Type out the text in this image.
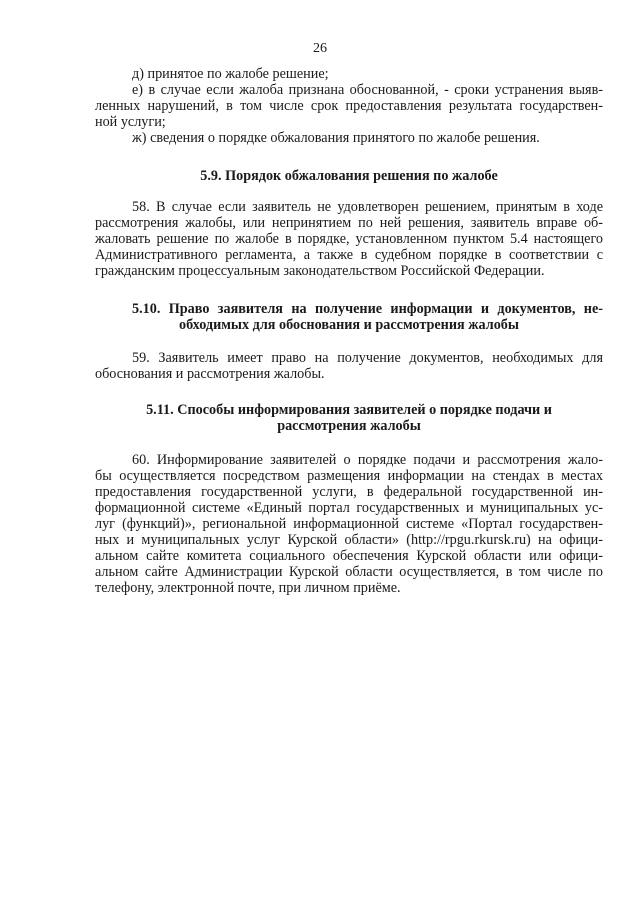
26
д) принятое по жалобе решение;
е) в случае если жалоба признана обоснованной, - сроки устранения выяв-
ленных нарушений, в том числе срок предоставления результата государствен-
ной услуги;
ж) сведения о порядке обжалования принятого по жалобе решения.
5.9. Порядок обжалования решения по жалобе
58. В случае если заявитель не удовлетворен решением, принятым в ходе
рассмотрения жалобы, или непринятием по ней решения, заявитель вправе об-
жаловать решение по жалобе в порядке, установленном пунктом 5.4 настоящего
Административного регламента, а также в судебном порядке в соответствии с
гражданским процессуальным законодательством Российской Федерации.
5.10. Право заявителя на получение информации и документов, не-
обходимых для обоснования и рассмотрения жалобы
59. Заявитель имеет право на получение документов, необходимых для
обоснования и рассмотрения жалобы.
5.11. Способы информирования заявителей о порядке подачи и
рассмотрения жалобы
60. Информирование заявителей о порядке подачи и рассмотрения жало-
бы осуществляется посредством размещения информации на стендах в местах
предоставления государственной услуги, в федеральной государственной ин-
формационной системе «Единый портал государственных и муниципальных ус-
луг (функций)», региональной информационной системе «Портал государствен-
ных и муниципальных услуг Курской области» (http://rpgu.rkursk.ru) на офици-
альном сайте комитета социального обеспечения Курской области или офици-
альном сайте Администрации Курской области осуществляется, в том числе по
телефону, электронной почте, при личном приёме.
